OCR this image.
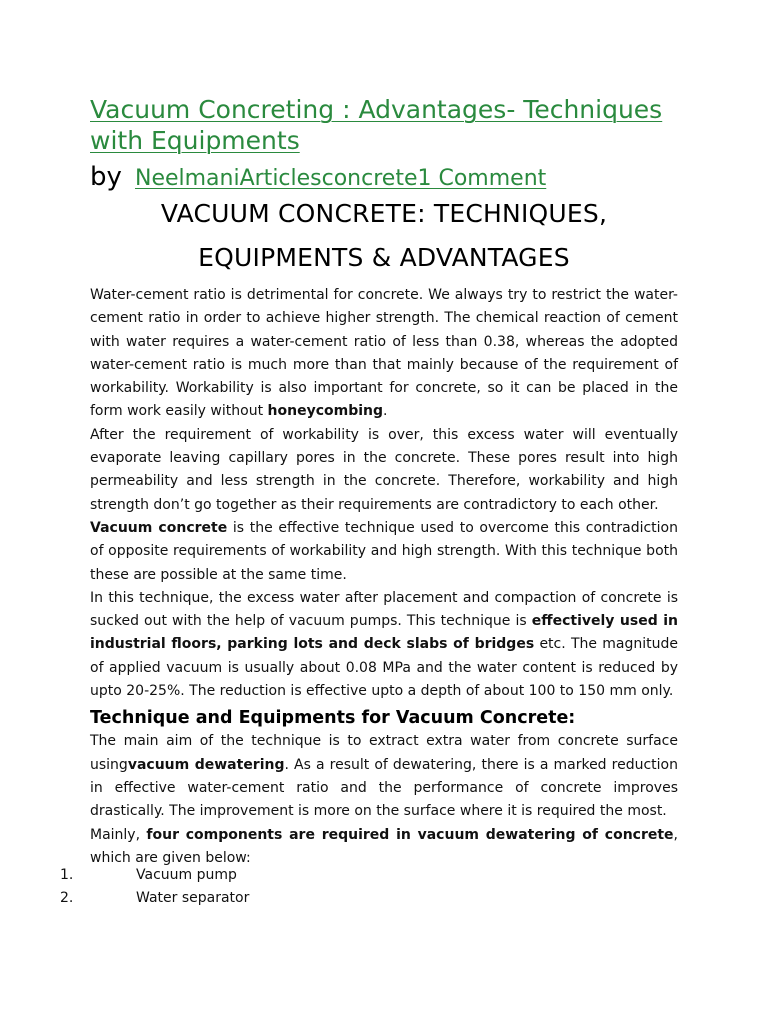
Vacuum Concreting : Advantages- Techniques with Equipments
by NeelmaniArticlesconcrete1 Comment
VACUUM CONCRETE: TECHNIQUES,
EQUIPMENTS & ADVANTAGES

Water-cement ratio is detrimental for concrete. We always try to restrict the water-cement ratio in order to achieve higher strength. The chemical reaction of cement with water requires a water-cement ratio of less than 0.38, whereas the adopted water-cement ratio is much more than that mainly because of the requirement of workability. Workability is also important for concrete, so it can be placed in the form work easily without honeycombing.

After the requirement of workability is over, this excess water will eventually evaporate leaving capillary pores in the concrete. These pores result into high permeability and less strength in the concrete. Therefore, workability and high strength don’t go together as their requirements are contradictory to each other.

Vacuum concrete is the effective technique used to overcome this contradiction of opposite requirements of workability and high strength. With this technique both these are possible at the same time.

In this technique, the excess water after placement and compaction of concrete is sucked out with the help of vacuum pumps. This technique is effectively used in industrial floors, parking lots and deck slabs of bridges etc. The magnitude of applied vacuum is usually about 0.08 MPa and the water content is reduced by upto 20-25%. The reduction is effective upto a depth of about 100 to 150 mm only.

Technique and Equipments for Vacuum Concrete:

The main aim of the technique is to extract extra water from concrete surface usingvacuum dewatering. As a result of dewatering, there is a marked reduction in effective water-cement ratio and the performance of concrete improves drastically. The improvement is more on the surface where it is required the most.

Mainly, four components are required in vacuum dewatering of concrete, which are given below:

1.	Vacuum pump
2.	Water separator
